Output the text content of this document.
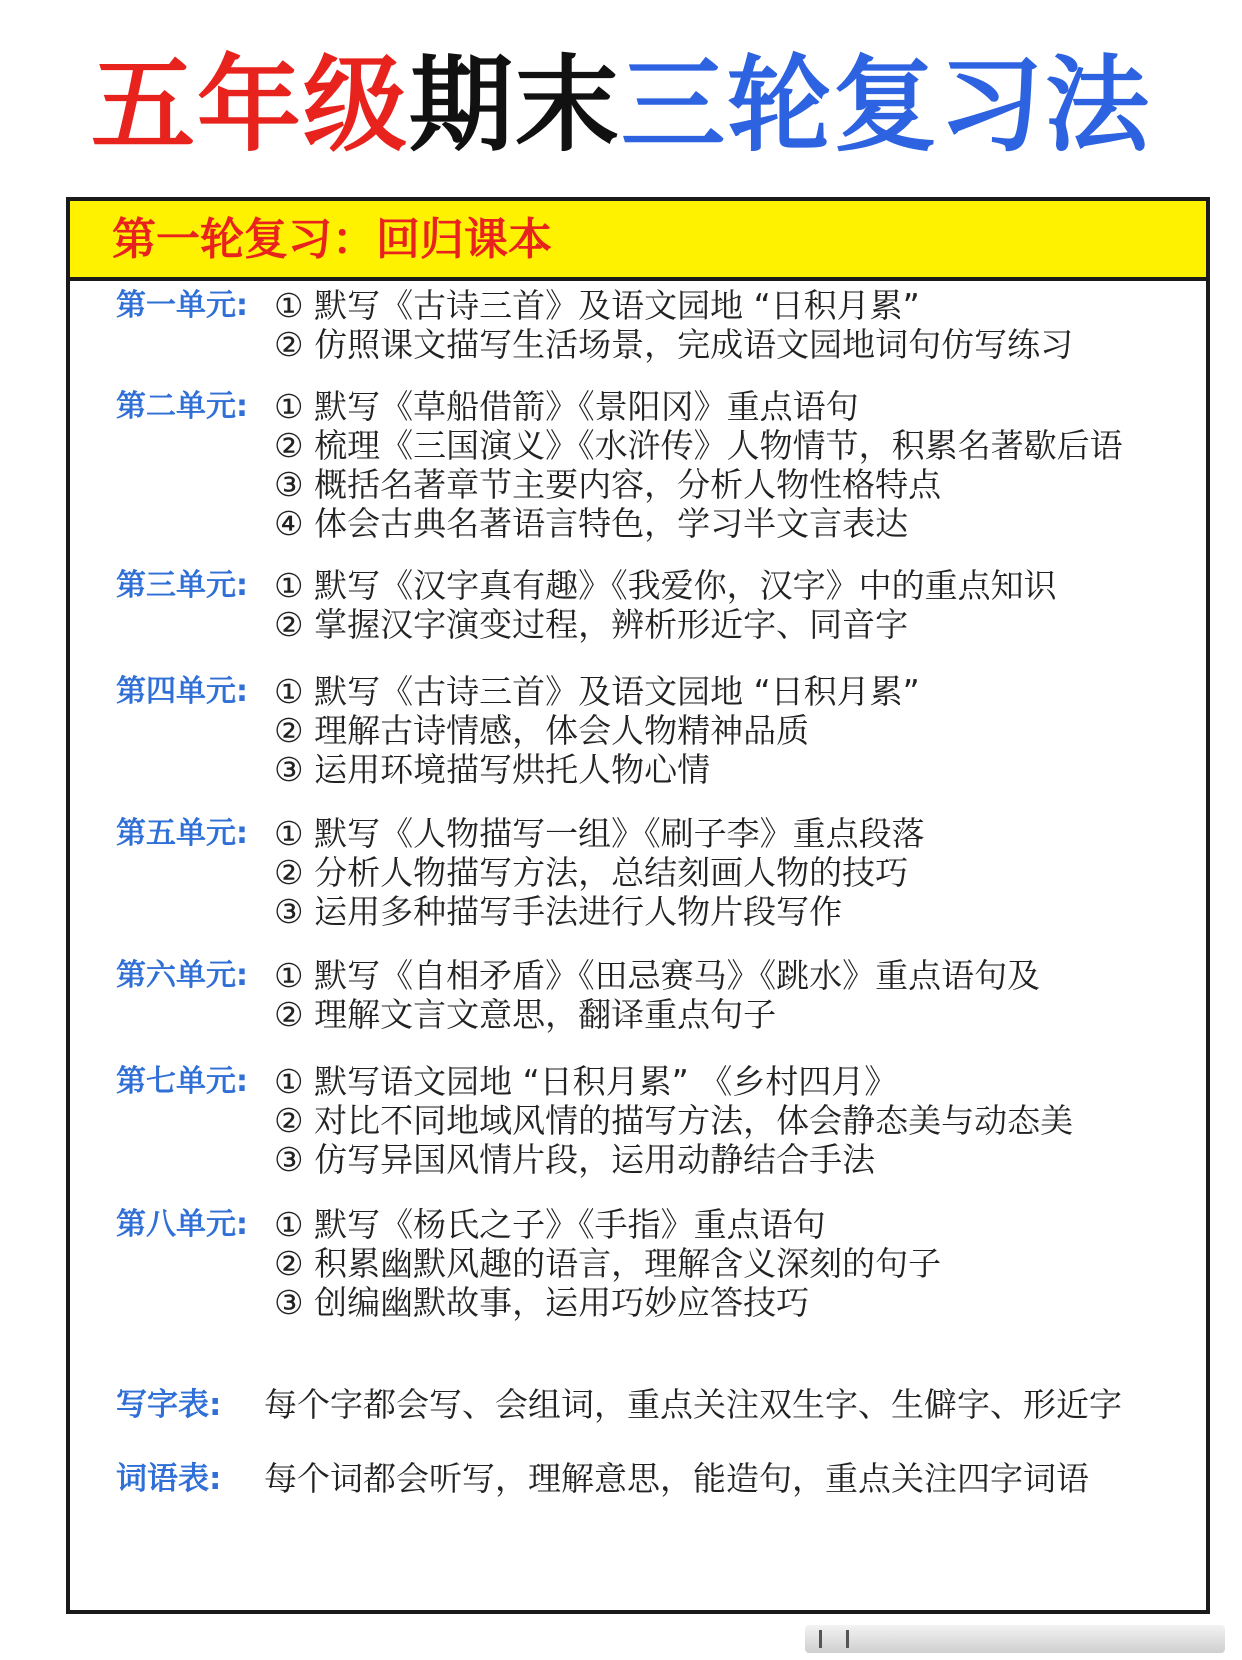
五年级期末三轮复习法
第一轮复习：回归课本
第一单元: ① 默写《古诗三首》及语文园地 “日积月累”
② 仿照课文描写生活场景，完成语文园地词句仿写练习
第二单元: ① 默写《草船借箭》《景阳冈》重点语句
② 梳理《三国演义》《水浒传》人物情节，积累名著歇后语
③ 概括名著章节主要内容，分析人物性格特点
④ 体会古典名著语言特色，学习半文言表达
第三单元: ① 默写《汉字真有趣》《我爱你，汉字》中的重点知识
② 掌握汉字演变过程，辨析形近字、同音字
第四单元: ① 默写《古诗三首》及语文园地 “日积月累”
② 理解古诗情感，体会人物精神品质
③ 运用环境描写烘托人物心情
第五单元: ① 默写《人物描写一组》《刷子李》重点段落
② 分析人物描写方法，总结刻画人物的技巧
③ 运用多种描写手法进行人物片段写作
第六单元: ① 默写《自相矛盾》《田忌赛马》《跳水》重点语句及
② 理解文言文意思，翻译重点句子
第七单元: ① 默写语文园地 “日积月累” 《乡村四月》
② 对比不同地域风情的描写方法，体会静态美与动态美
③ 仿写异国风情片段，运用动静结合手法
第八单元: ① 默写《杨氏之子》《手指》重点语句
② 积累幽默风趣的语言，理解含义深刻的句子
③ 创编幽默故事，运用巧妙应答技巧
写字表: 每个字都会写、会组词，重点关注双生字、生僻字、形近字
词语表: 每个词都会听写，理解意思，能造句，重点关注四字词语
